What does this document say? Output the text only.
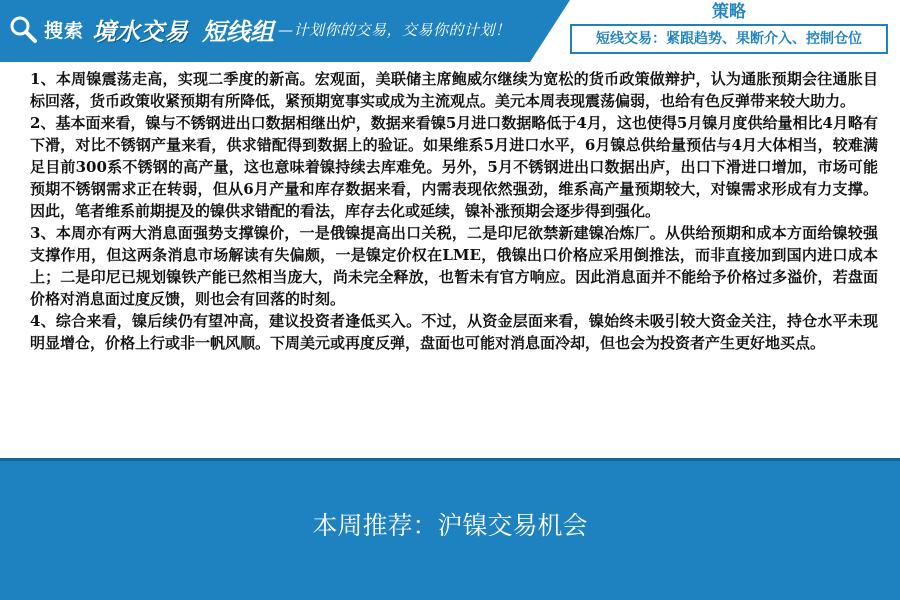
搜索 境水交易 短线组 —计划你的交易，交易你的计划！
策略
短线交易：紧跟趋势、果断介入、控制仓位

1、本周镍震荡走高，实现二季度的新高。宏观面，美联储主席鲍威尔继续为宽松的货币政策做辩护，认为通胀预期会往通胀目标回落，货币政策收紧预期有所降低，紧预期宽事实或成为主流观点。美元本周表现震荡偏弱，也给有色反弹带来较大助力。

2、基本面来看，镍与不锈钢进出口数据相继出炉，数据来看镍5月进口数据略低于4月，这也使得5月镍月度供给量相比4月略有下滑，对比不锈钢产量来看，供求错配得到数据上的验证。如果维系5月进口水平，6月镍总供给量预估与4月大体相当，较难满足目前300系不锈钢的高产量，这也意味着镍持续去库难免。另外，5月不锈钢进出口数据出庐，出口下滑进口增加，市场可能预期不锈钢需求正在转弱，但从6月产量和库存数据来看，内需表现依然强劲，维系高产量预期较大，对镍需求形成有力支撑。因此，笔者维系前期提及的镍供求错配的看法，库存去化或延续，镍补涨预期会逐步得到强化。

3、本周亦有两大消息面强势支撑镍价，一是俄镍提高出口关税，二是印尼欲禁新建镍冶炼厂。从供给预期和成本方面给镍较强支撑作用，但这两条消息市场解读有失偏颇，一是镍定价权在LME，俄镍出口价格应采用倒推法，而非直接加到国内进口成本上；二是印尼已规划镍铁产能已然相当庞大，尚未完全释放，也暂未有官方响应。因此消息面并不能给予价格过多溢价，若盘面价格对消息面过度反馈，则也会有回落的时刻。

4、综合来看，镍后续仍有望冲高，建议投资者逢低买入。不过，从资金层面来看，镍始终未吸引较大资金关注，持仓水平未现明显增仓，价格上行或非一帆风顺。下周美元或再度反弹，盘面也可能对消息面冷却，但也会为投资者产生更好地买点。

本周推荐：沪镍交易机会
